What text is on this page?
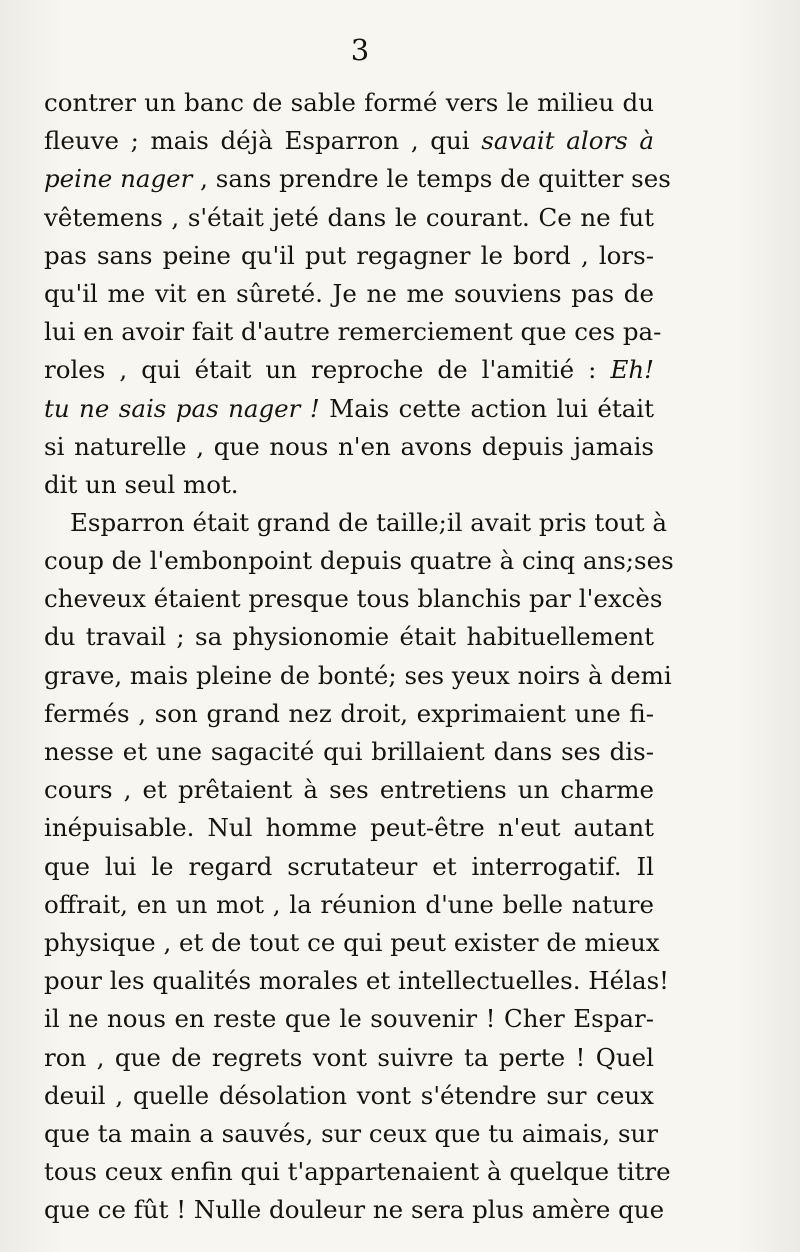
3
contrer un banc de sable formé vers le milieu du
fleuve ; mais déjà Esparron , qui savait alors à
peine nager , sans prendre le temps de quitter ses
vêtemens , s'était jeté dans le courant. Ce ne fut
pas sans peine qu'il put regagner le bord , lors-
qu'il me vit en sûreté. Je ne me souviens pas de
lui en avoir fait d'autre remerciement que ces pa-
roles , qui était un reproche de l'amitié : Eh!
tu ne sais pas nager ! Mais cette action lui était
si naturelle , que nous n'en avons depuis jamais
dit un seul mot.
Esparron était grand de taille;il avait pris tout à
coup de l'embonpoint depuis quatre à cinq ans;ses
cheveux étaient presque tous blanchis par l'excès
du travail ; sa physionomie était habituellement
grave, mais pleine de bonté; ses yeux noirs à demi
fermés , son grand nez droit, exprimaient une fi-
nesse et une sagacité qui brillaient dans ses dis-
cours , et prêtaient à ses entretiens un charme
inépuisable. Nul homme peut-être n'eut autant
que lui le regard scrutateur et interrogatif. Il
offrait, en un mot , la réunion d'une belle nature
physique , et de tout ce qui peut exister de mieux
pour les qualités morales et intellectuelles. Hélas!
il ne nous en reste que le souvenir ! Cher Espar-
ron , que de regrets vont suivre ta perte ! Quel
deuil , quelle désolation vont s'étendre sur ceux
que ta main a sauvés, sur ceux que tu aimais, sur
tous ceux enfin qui t'appartenaient à quelque titre
que ce fût ! Nulle douleur ne sera plus amère que
